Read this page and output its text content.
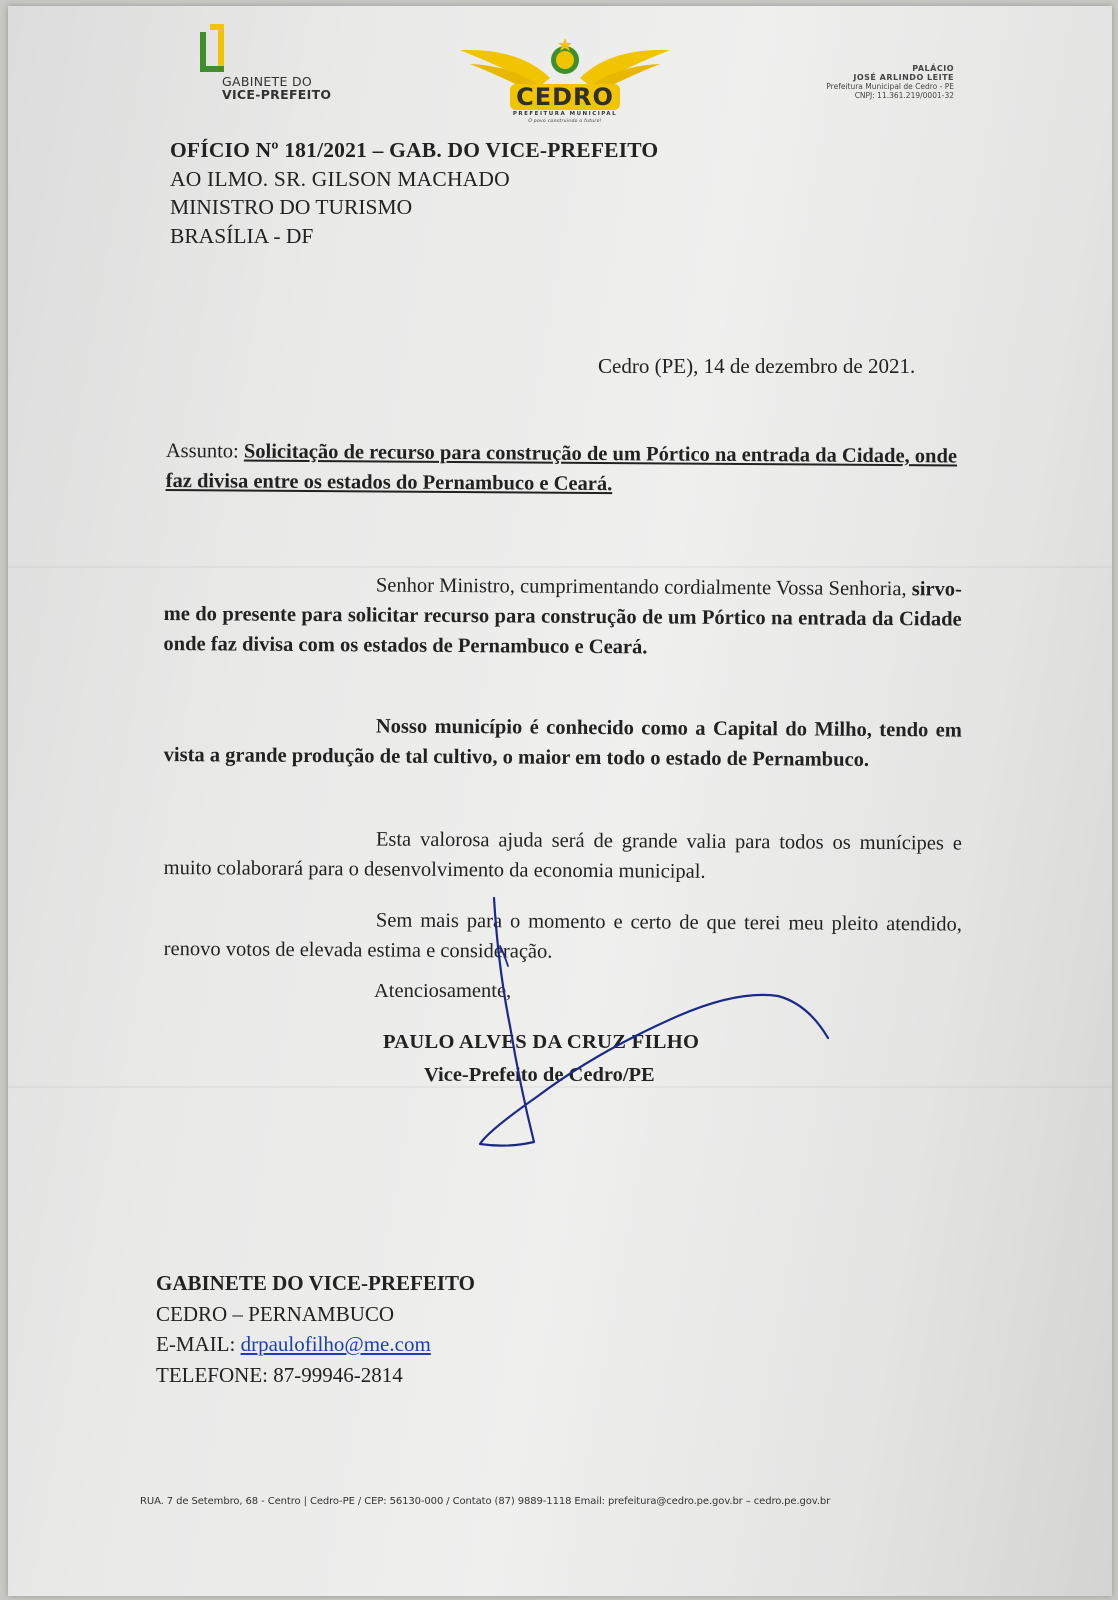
GABINETE DO
VICE-PREFEITO	CEDRO
PREFEITURA MUNICIPAL
O povo construindo o futuro!
PALÁCIO
JOSÉ ARLINDO LEITE
Prefeitura Municipal de Cedro - PE
CNPJ: 11.361.219/0001-32
OFÍCIO Nº 181/2021 – GAB. DO VICE-PREFEITO
AO ILMO. SR. GILSON MACHADO
MINISTRO DO TURISMO
BRASÍLIA - DF
Cedro (PE), 14 de dezembro de 2021.
Assunto: Solicitação de recurso para construção de um Pórtico na entrada da Cidade, onde faz divisa entre os estados do Pernambuco e Ceará.
Senhor Ministro, cumprimentando cordialmente Vossa Senhoria, sirvo-me do presente para solicitar recurso para construção de um Pórtico na entrada da Cidade onde faz divisa com os estados de Pernambuco e Ceará.
Nosso município é conhecido como a Capital do Milho, tendo em vista a grande produção de tal cultivo, o maior em todo o estado de Pernambuco.
Esta valorosa ajuda será de grande valia para todos os munícipes e muito colaborará para o desenvolvimento da economia municipal.
Sem mais para o momento e certo de que terei meu pleito atendido, renovo votos de elevada estima e consideração.
Atenciosamente,
PAULO ALVES DA CRUZ FILHO
Vice-Prefeito de Cedro/PE
GABINETE DO VICE-PREFEITO
CEDRO – PERNAMBUCO
E-MAIL: drpaulofilho@me.com
TELEFONE: 87-99946-2814
RUA. 7 de Setembro, 68 - Centro | Cedro-PE / CEP: 56130-000 / Contato (87) 9889-1118 Email: prefeitura@cedro.pe.gov.br – cedro.pe.gov.br
